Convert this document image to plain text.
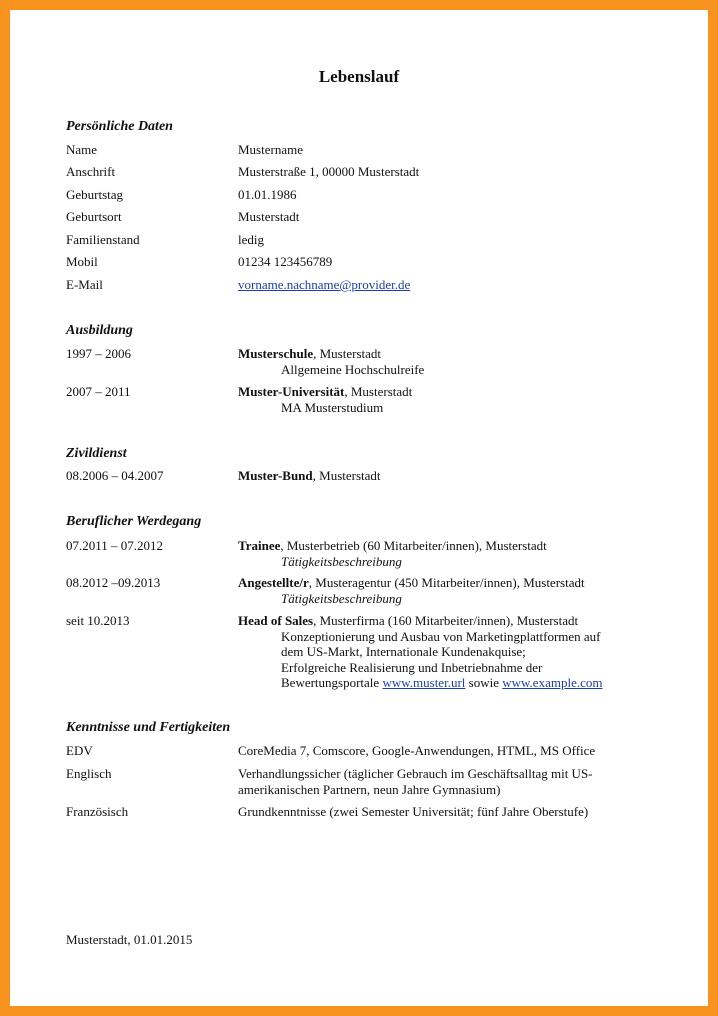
Lebenslauf
Persönliche Daten
Name	Mustername
Anschrift	Musterstraße 1, 00000 Musterstadt
Geburtstag	01.01.1986
Geburtsort	Musterstadt
Familienstand	ledig
Mobil	01234 123456789
E-Mail	vorname.nachname@provider.de
Ausbildung
1997 – 2006	Musterschule, Musterstadt
Allgemeine Hochschulreife
2007 – 2011	Muster-Universität, Musterstadt
MA Musterstudium
Zivildienst
08.2006 – 04.2007	Muster-Bund, Musterstadt
Beruflicher Werdegang
07.2011 – 07.2012	Trainee, Musterbetrieb (60 Mitarbeiter/innen), Musterstadt
Tätigkeitsbeschreibung
08.2012 –09.2013	Angestellte/r, Musteragentur (450 Mitarbeiter/innen), Musterstadt
Tätigkeitsbeschreibung
seit 10.2013	Head of Sales, Musterfirma (160 Mitarbeiter/innen), Musterstadt
Konzeptionierung und Ausbau von Marketingplattformen auf
dem US-Markt, Internationale Kundenakquise;
Erfolgreiche Realisierung und Inbetriebnahme der
Bewertungsportale www.muster.url sowie www.example.com
Kenntnisse und Fertigkeiten
EDV	CoreMedia 7, Comscore, Google-Anwendungen, HTML, MS Office
Englisch	Verhandlungssicher (täglicher Gebrauch im Geschäftsalltag mit US-
amerikanischen Partnern, neun Jahre Gymnasium)
Französisch	Grundkenntnisse (zwei Semester Universität; fünf Jahre Oberstufe)
Musterstadt, 01.01.2015
